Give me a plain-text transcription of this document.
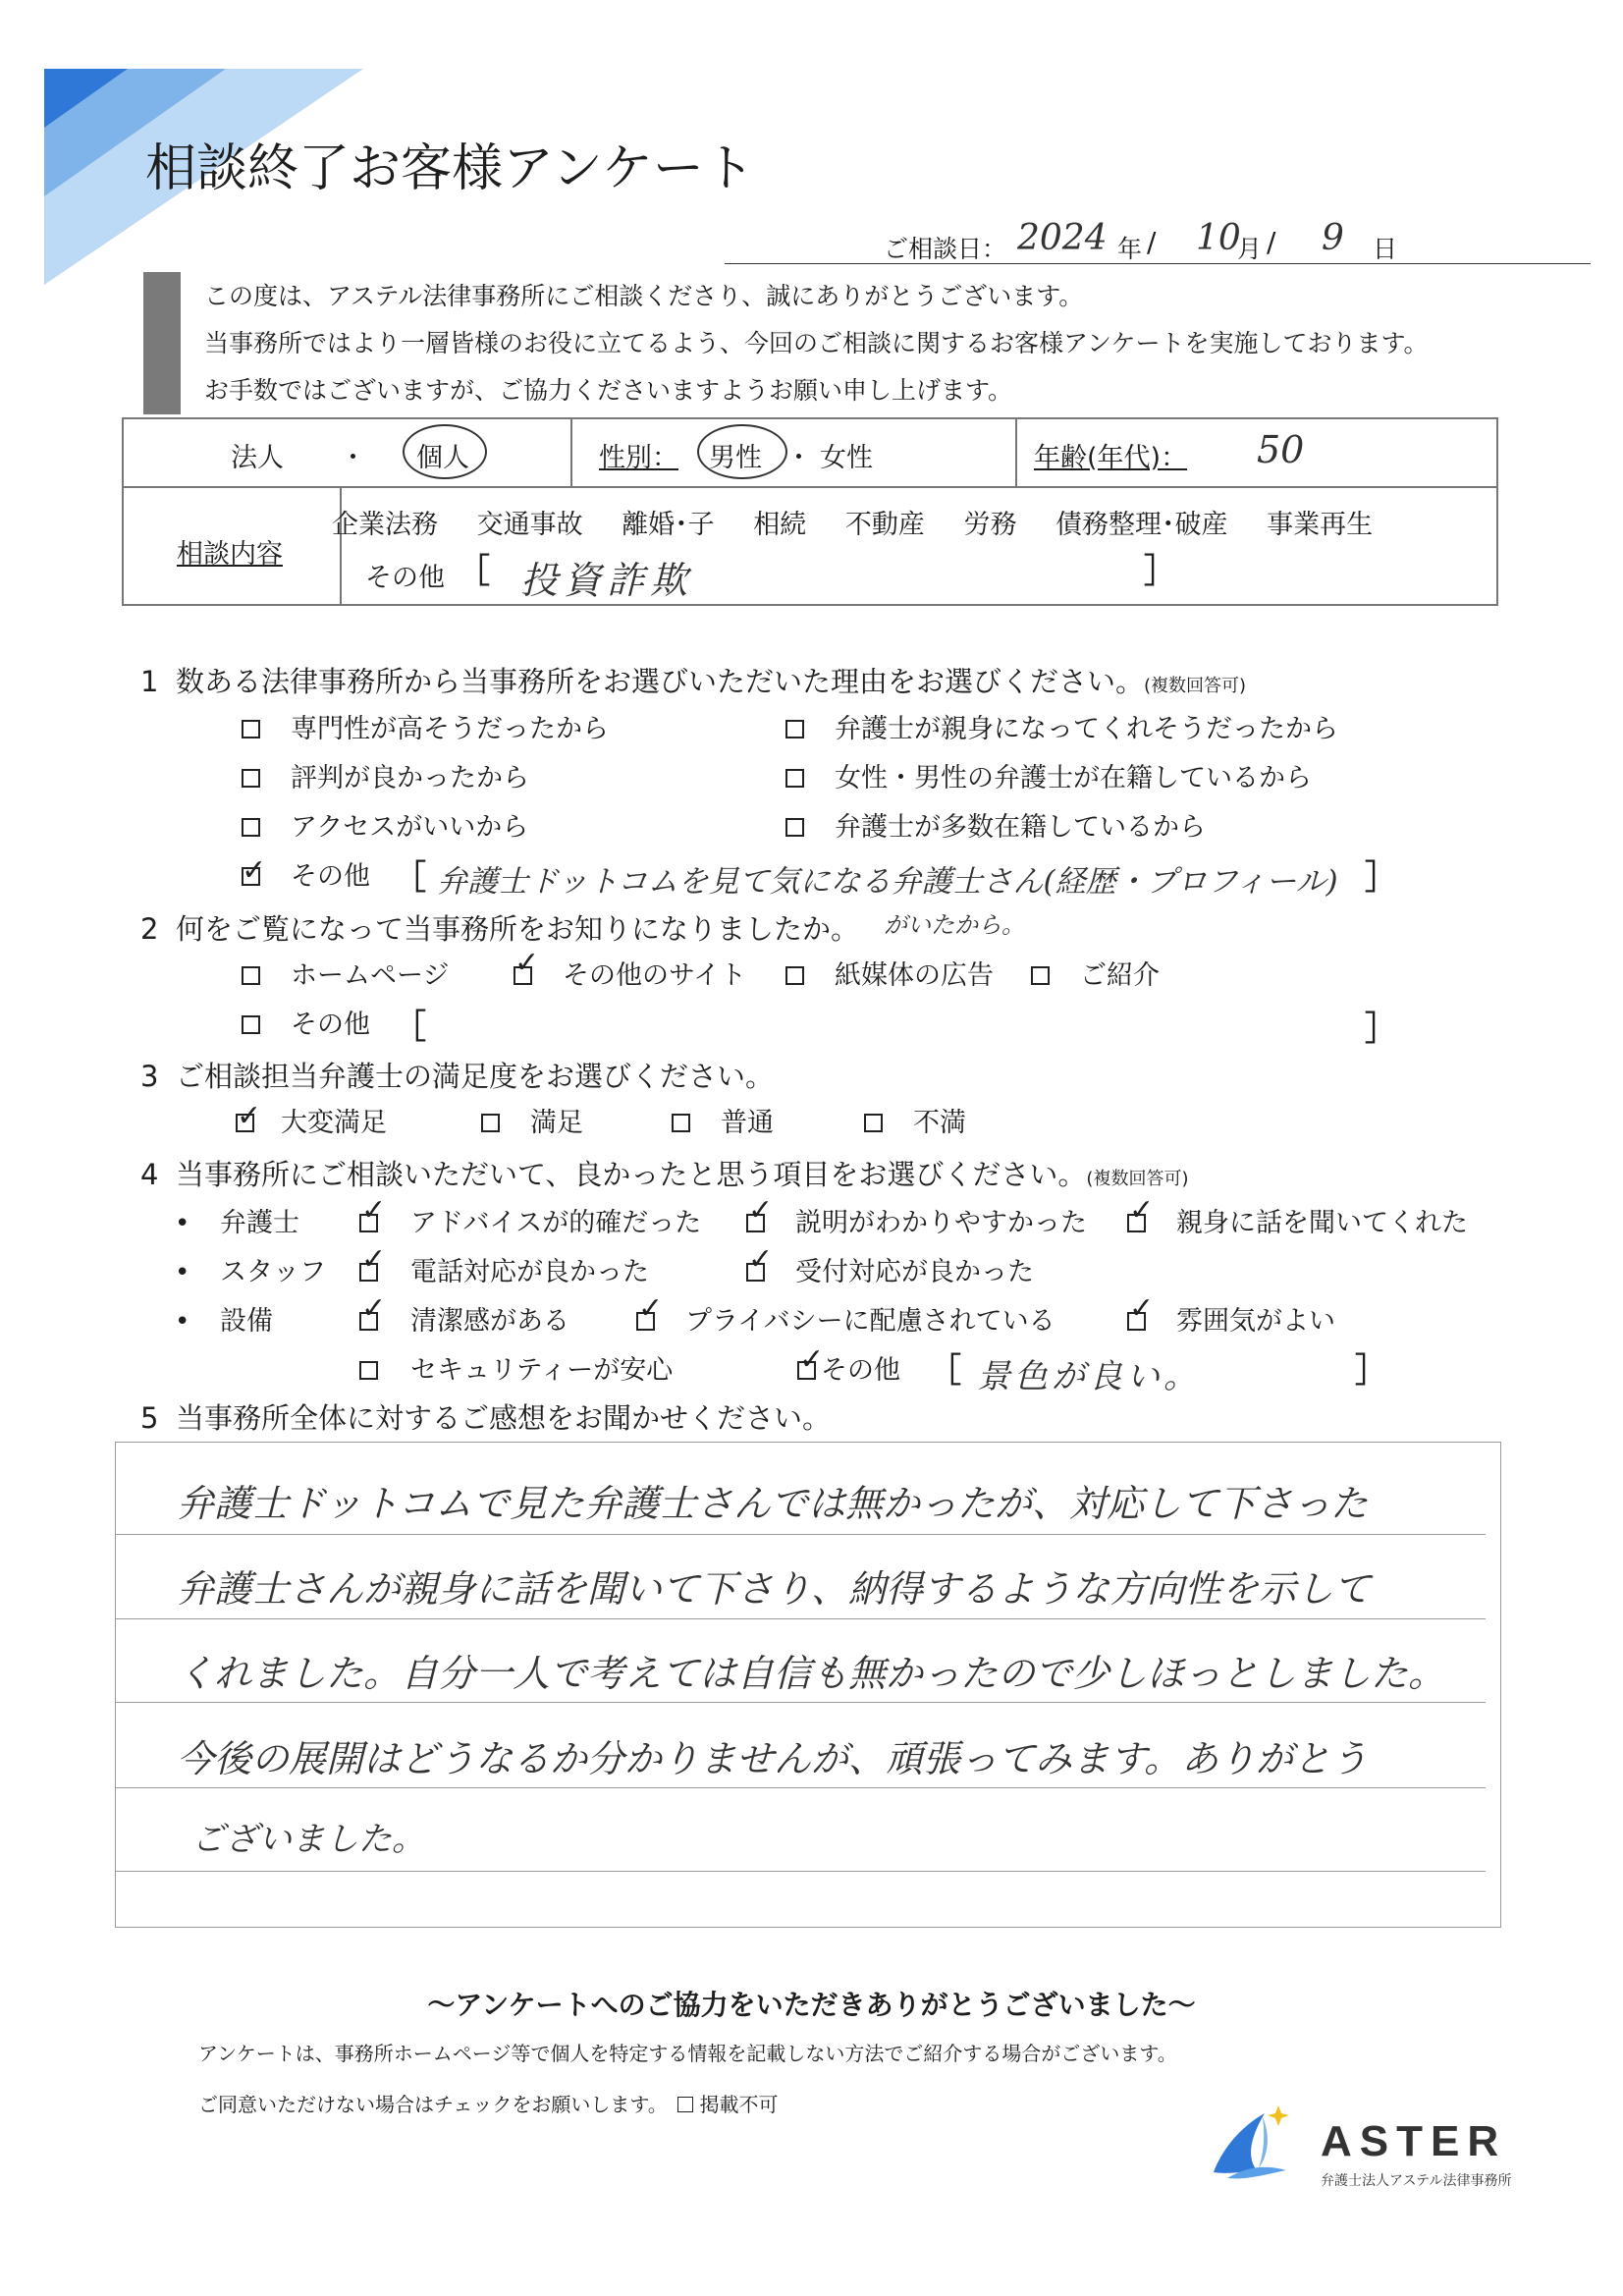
相談終了お客様アンケート
ご相談日： 2024 年 / 10
月 / 9 日
この度は、アステル法律事務所にご相談くださり、誠にありがとうございます。
当事務所ではより一層皆様のお役に立てるよう、今回のご相談に関するお客様アンケートを実施しております。
お手数ではございますが、ご協力くださいますようお願い申し上げます。
法人 ・ 個人	性別： 男性 ・ 女性	年齢(年代)： 50
相談内容
企業法務 交通事故 離婚･子 相続 不動産 労務 債務整理･破産 事業再生
その他 ［ 投資詐欺	］
1 数ある法律事務所から当事務所をお選びいただいた理由をお選びください。(複数回答可)
専門性が高そうだったから	弁護士が親身になってくれそうだったから
評判が良かったから	女性・男性の弁護士が在籍しているから
アクセスがいいから	弁護士が多数在籍しているから
✓ その他 ［ 弁護士ドットコムを見て気になる弁護士さん(経歴・プロフィール) ］
がいたから。
2 何をご覧になって当事務所をお知りになりましたか。
ホームページ ✓ その他のサイト	紙媒体の広告	ご紹介
その他 ［	］
3 ご相談担当弁護士の満足度をお選びください。
✓ 大変満足	満足	普通	不満
4 当事務所にご相談いただいて、良かったと思う項目をお選びください。(複数回答可)
• 弁護士 ✓ アドバイスが的確だった ✓ 説明がわかりやすかった ✓ 親身に話を聞いてくれた
• スタッフ ✓ 電話対応が良かった	✓ 受付対応が良かった
• 設備	✓ 清潔感がある ✓ プライバシーに配慮されている	✓ 雰囲気がよい
セキュリティーが安心	✓
その他 ［ 景色が良い。	］
5 当事務所全体に対するご感想をお聞かせください。
弁護士ドットコムで見た弁護士さんでは無かったが、対応して下さった
弁護士さんが親身に話を聞いて下さり、納得するような方向性を示して
くれました。自分一人で考えては自信も無かったので少しほっとしました。
今後の展開はどうなるか分かりませんが、頑張ってみます。ありがとう
ございました。
～アンケートへのご協力をいただきありがとうございました～
アンケートは、事務所ホームページ等で個人を特定する情報を記載しない方法でご紹介する場合がございます。
ご同意いただけない場合はチェックをお願いします。 掲載不可
ASTER
弁護士法人アステル法律事務所
